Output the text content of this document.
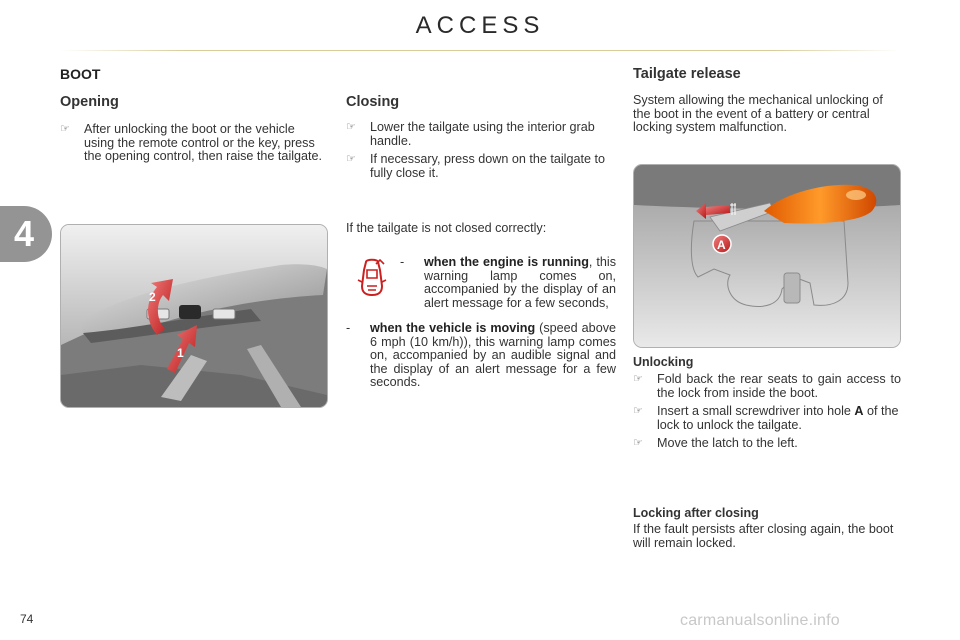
ACCESS
4
BOOT
Opening
☞ After unlocking the boot or the vehicle using the remote control or the key, press the opening control, then raise the tailgate.
2
1
74
Closing
☞ Lower the tailgate using the interior grab handle.
☞ If necessary, press down on the tailgate to fully close it.
If the tailgate is not closed correctly:
-	when the engine is running, this warning lamp comes on, accompanied by the display of an alert message for a few seconds,
-	when the vehicle is moving (speed above 6 mph (10 km/h)), this warning lamp comes on, accompanied by an audible signal and the display of an alert message for a few seconds.
Tailgate release
System allowing the mechanical unlocking of the boot in the event of a battery or central locking system malfunction.
A
Unlocking
☞ Fold back the rear seats to gain access to the lock from inside the boot.
☞ Insert a small screwdriver into hole A of the lock to unlock the tailgate.
☞ Move the latch to the left.
Locking after closing
If the fault persists after closing again, the boot will remain locked.
carmanualsonline.info
